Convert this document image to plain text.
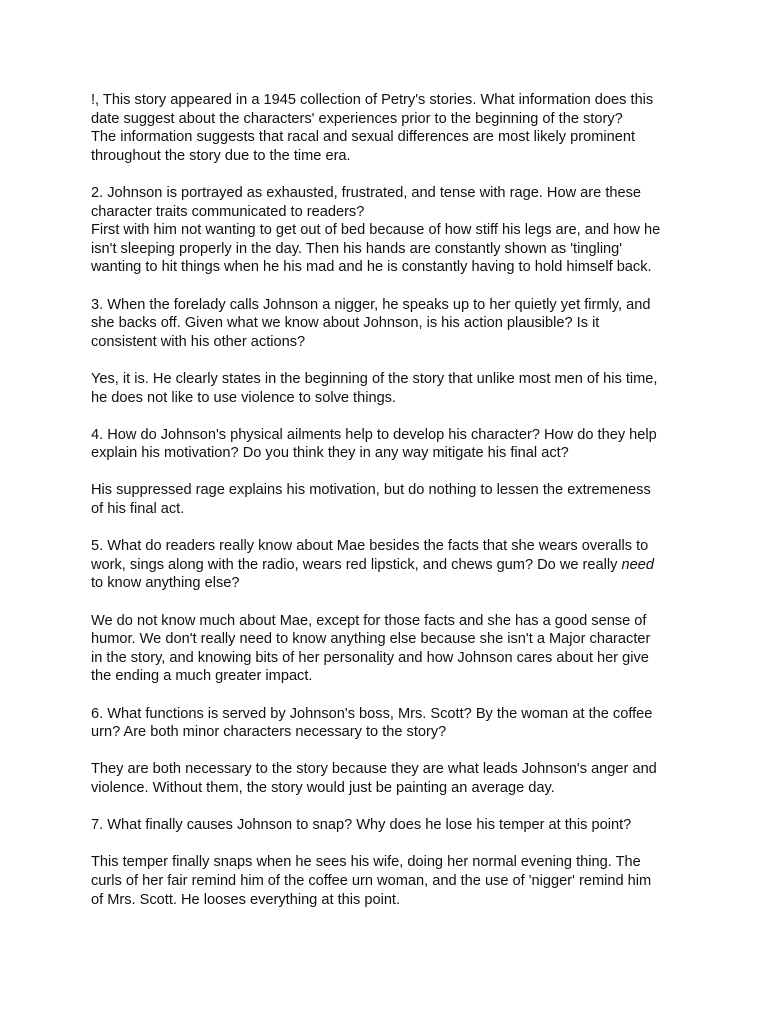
!, This story appeared in a 1945 collection of Petry's stories. What information does this
date suggest about the characters' experiences prior to the beginning of the story?
The information suggests that racal and sexual differences are most likely prominent
throughout the story due to the time era.
2. Johnson is portrayed as exhausted, frustrated, and tense with rage. How are these
character traits communicated to readers?
First with him not wanting to get out of bed because of how stiff his legs are, and how he
isn't sleeping properly in the day. Then his hands are constantly shown as 'tingling'
wanting to hit things when he his mad and he is constantly having to hold himself back.
3. When the forelady calls Johnson a nigger, he speaks up to her quietly yet firmly, and
she backs off. Given what we know about Johnson, is his action plausible? Is it
consistent with his other actions?
Yes, it is. He clearly states in the beginning of the story that unlike most men of his time,
he does not like to use violence to solve things.
4. How do Johnson's physical ailments help to develop his character? How do they help
explain his motivation? Do you think they in any way mitigate his final act?
His suppressed rage explains his motivation, but do nothing to lessen the extremeness
of his final act.
5. What do readers really know about Mae besides the facts that she wears overalls to
work, sings along with the radio, wears red lipstick, and chews gum? Do we really need
to know anything else?
We do not know much about Mae, except for those facts and she has a good sense of
humor. We don't really need to know anything else because she isn't a Major character
in the story, and knowing bits of her personality and how Johnson cares about her give
the ending a much greater impact.
6. What functions is served by Johnson's boss, Mrs. Scott? By the woman at the coffee
urn? Are both minor characters necessary to the story?
They are both necessary to the story because they are what leads Johnson's anger and
violence. Without them, the story would just be painting an average day.
7. What finally causes Johnson to snap? Why does he lose his temper at this point?
This temper finally snaps when he sees his wife, doing her normal evening thing. The
curls of her fair remind him of the coffee urn woman, and the use of 'nigger' remind him
of Mrs. Scott. He looses everything at this point.
